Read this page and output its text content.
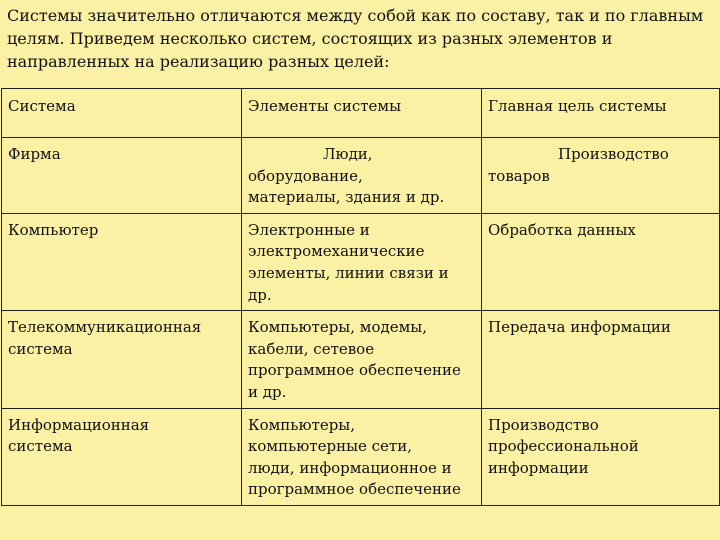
Системы значительно отличаются между собой как по составу, так и по главным
целям. Приведем несколько систем, состоящих из разных элементов и
направленных на реализацию разных целей:
Система	Элементы системы	Главная цель системы

Фирма	Люди,
оборудование,
материалы, здания и др.	Производство
товаров

Компьютер	Электронные и
электромеханические
элементы, линии связи и
др.	Обработка данных

Телекоммуникационная
система	Компьютеры, модемы,
кабели, сетевое
программное обеспечение
и др.	Передача информации

Информационная
система	Компьютеры,
компьютерные сети,
люди, информационное и
программное обеспечение	Производство
профессиональной
информации
